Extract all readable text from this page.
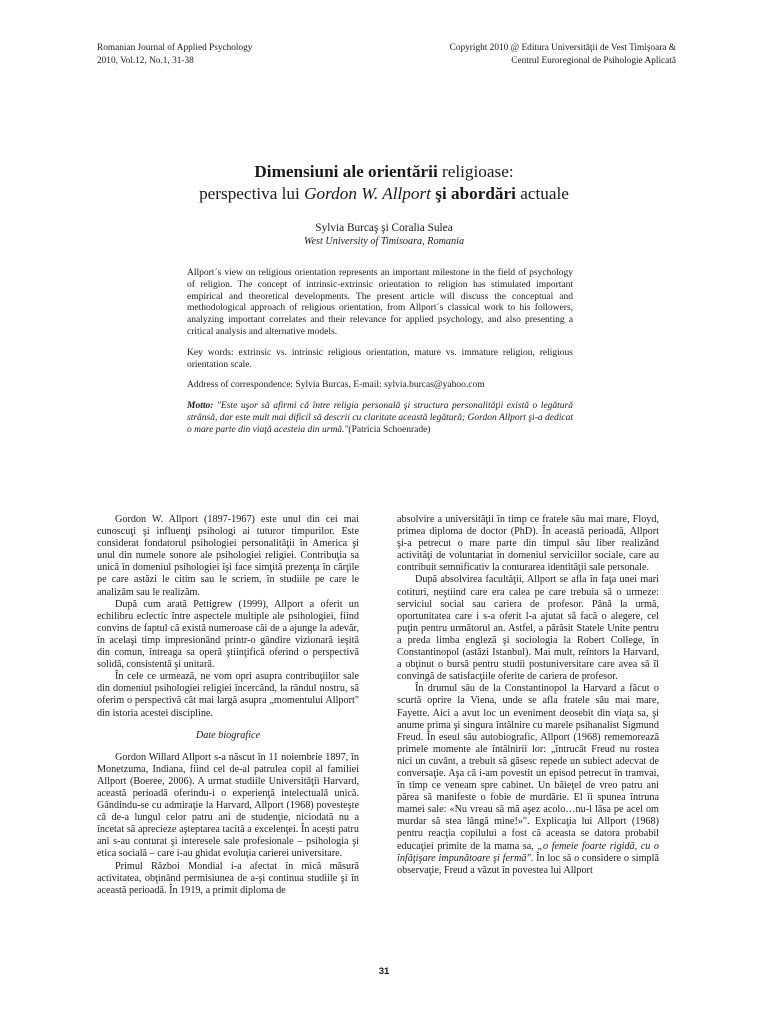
Romanian Journal of Applied Psychology
2010, Vol.12, No.1, 31-38
Copyright 2010 @ Editura Universităţii de Vest Timişoara &
Centrul Euroregional de Psihologie Aplicată
Dimensiuni ale orientării religioase:
perspectiva lui Gordon W. Allport şi abordări actuale
Sylvia Burcaş şi Coralia Sulea
West University of Timisoara, Romania

Allport´s view on religious orientation represents an important milestone in the field of psychology of religion. The concept of intrinsic-extrinsic orientation to religion has stimulated important empirical and theoretical developments. The present article will discuss the conceptual and methodological approach of religious orientation, from Allport´s classical work to his followers, analyzing important correlates and their relevance for applied psychology, and also presenting a critical analysis and alternative models.

Key words: extrinsic vs. intrinsic religious orientation, mature vs. immature religion, religious orientation scale.

Address of correspondence: Sylvia Burcas, E-mail: sylvia.burcas@yahoo.com

Motto: "Este uşor să afirmi că între religia personală şi structura personalităţii există o legătură strânsă, dar este mult mai dificil să descrii cu claritate această legătură; Gordon Allport şi-a dedicat o mare parte din viaţă acesteia din urmă."(Patricia Schoenrade)

Gordon W. Allport (1897-1967) este unul din cei mai cunoscuţi şi influenţi psihologi ai tuturor timpurilor. Este considerat fondatorul psihologiei personalităţii în America şi unul din numele sonore ale psihologiei religiei. Contribuţia sa unică în domeniul psihologiei îşi face simţită prezenţa în cărţile pe care astăzi le citim sau le scriem, în studiile pe care le analizăm sau le realizăm.

După cum arată Pettigrew (1999), Allport a oferit un echilibru eclectic între aspectele multiple ale psihologiei, fiind convins de faptul că există numeroase căi de a ajunge la adevăr, în acelaşi timp impresionând printr-o gândire vizionară ieşită din comun, întreaga sa operă ştiinţifică oferind o perspectivă solidă, consistentă şi unitară.

În cele ce urmează, ne vom opri asupra contribuţiilor sale din domeniul psihologiei religiei încercând, la rândul nostru, să oferim o perspectivă cât mai largă asupra „momentului Allport" din istoria acestei discipline.

Date biografice

Gordon Willard Allport s-a născut în 11 noiembrie 1897, în Monetzuma, Indiana, fiind cel de-al patrulea copil al familiei Allport (Boeree, 2006). A urmat studiile Universităţii Harvard, această perioadă oferindu-i o experienţă intelectuală unică. Gândindu-se cu admiraţie la Harvard, Allport (1968) povesteşte că de-a lungul celor patru ani de studenţie, niciodată nu a încetat să aprecieze aşteptarea tacită a excelenţei. În acești patru ani s-au conturat şi interesele sale profesionale – psihologia şi etica socială – care i-au ghidat evoluţia carierei universitare.

Primul Război Mondial i-a afectat în mică măsură activitatea, obţinând permisiunea de a-şi continua studiile şi în această perioadă. În 1919, a primit diploma de

absolvire a universităţii în timp ce fratele său mai mare, Floyd, primea diploma de doctor (PhD). În această perioadă, Allport şi-a petrecut o mare parte din timpul său liber realizând activităţi de voluntariat în domeniul serviciilor sociale, care au contribuit semnificativ la conturarea identităţii sale personale.

După absolvirea facultăţii, Allport se afla în faţa unei mari cotituri, neştiind care era calea pe care trebuia să o urmeze: serviciul social sau cariera de profesor. Până la urmă, oportunitatea care i s-a oferit l-a ajutat să facă o alegere, cel puţin pentru următorul an. Astfel, a părăsit Statele Unite pentru a preda limba engleză şi sociologia la Robert College, în Constantinopol (astăzi Istanbul). Mai mult, reîntors la Harvard, a obţinut o bursă pentru studii postuniversitare care avea să îl convingă de satisfacţiile oferite de cariera de profesor.

În drumul său de la Constantinopol la Harvard a făcut o scurtă oprire la Viena, unde se afla fratele său mai mare, Fayette. Aici a avut loc un eveniment deosebit din viaţa sa, şi anume prima şi singura întâlnire cu marele psihanalist Sigmund Freud. În eseul său autobiografic, Allport (1968) rememorează primele momente ale întâlnirii lor: „întrucât Freud nu rostea nici un cuvânt, a trebuit să găsesc repede un subiect adecvat de conversaţie. Aşa că i-am povestit un episod petrecut în tramvai, în timp ce veneam spre cabinet. Un băieţel de vreo patru ani părea să manifeste o fobie de murdărie. El îi spunea întruna mamei sale: «Nu vreau să mă aşez acolo…nu-l lăsa pe acel om murdar să stea lângă mine!»". Explicaţia lui Allport (1968) pentru reacţia copilului a fost că aceasta se datora probabil educaţiei primite de la mama sa, „o femeie foarte rigidă, cu o înfăţişare impunătoare şi fermă". În loc să o considere o simplă observaţie, Freud a văzut în povestea lui Allport

31
